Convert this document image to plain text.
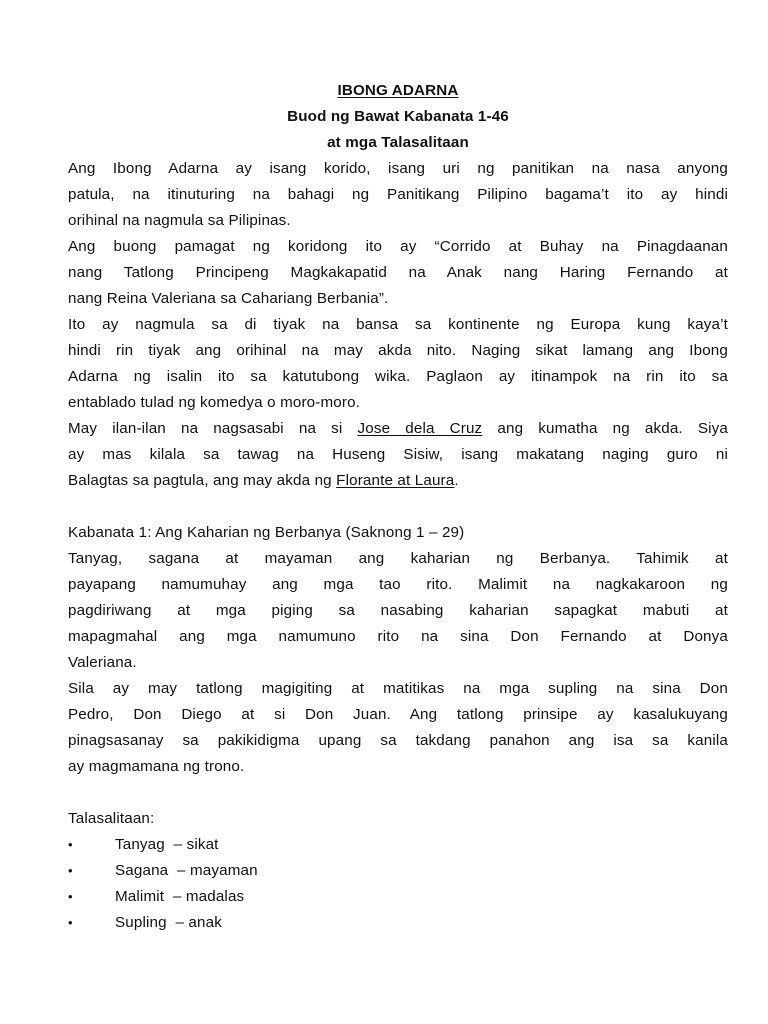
IBONG ADARNA
Buod ng Bawat Kabanata 1-46
at mga Talasalitaan
Ang Ibong Adarna ay isang korido, isang uri ng panitikan na nasa anyong
patula, na itinuturing na bahagi ng Panitikang Pilipino bagama’t ito ay hindi
orihinal na nagmula sa Pilipinas.
Ang buong pamagat ng koridong ito ay “Corrido at Buhay na Pinagdaanan
nang Tatlong Principeng Magkakapatid na Anak nang Haring Fernando at
nang Reina Valeriana sa Cahariang Berbania”.
Ito ay nagmula sa di tiyak na bansa sa kontinente ng Europa kung kaya’t
hindi rin tiyak ang orihinal na may akda nito. Naging sikat lamang ang Ibong
Adarna ng isalin ito sa katutubong wika. Paglaon ay itinampok na rin ito sa
entablado tulad ng komedya o moro-moro.
May ilan-ilan na nagsasabi na si Jose dela Cruz ang kumatha ng akda. Siya
ay mas kilala sa tawag na Huseng Sisiw, isang makatang naging guro ni
Balagtas sa pagtula, ang may akda ng Florante at Laura.
Kabanata 1: Ang Kaharian ng Berbanya (Saknong 1 – 29)
Tanyag, sagana at mayaman ang kaharian ng Berbanya. Tahimik at
payapang namumuhay ang mga tao rito. Malimit na nagkakaroon ng
pagdiriwang at mga piging sa nasabing kaharian sapagkat mabuti at
mapagmahal ang mga namumuno rito na sina Don Fernando at Donya
Valeriana.
Sila ay may tatlong magigiting at matitikas na mga supling na sina Don
Pedro, Don Diego at si Don Juan. Ang tatlong prinsipe ay kasalukuyang
pinagsasanay sa pakikidigma upang sa takdang panahon ang isa sa kanila
ay magmamana ng trono.
Talasalitaan:
•	Tanyag  – sikat
•	Sagana  – mayaman
•	Malimit  – madalas
•	Supling  – anak
